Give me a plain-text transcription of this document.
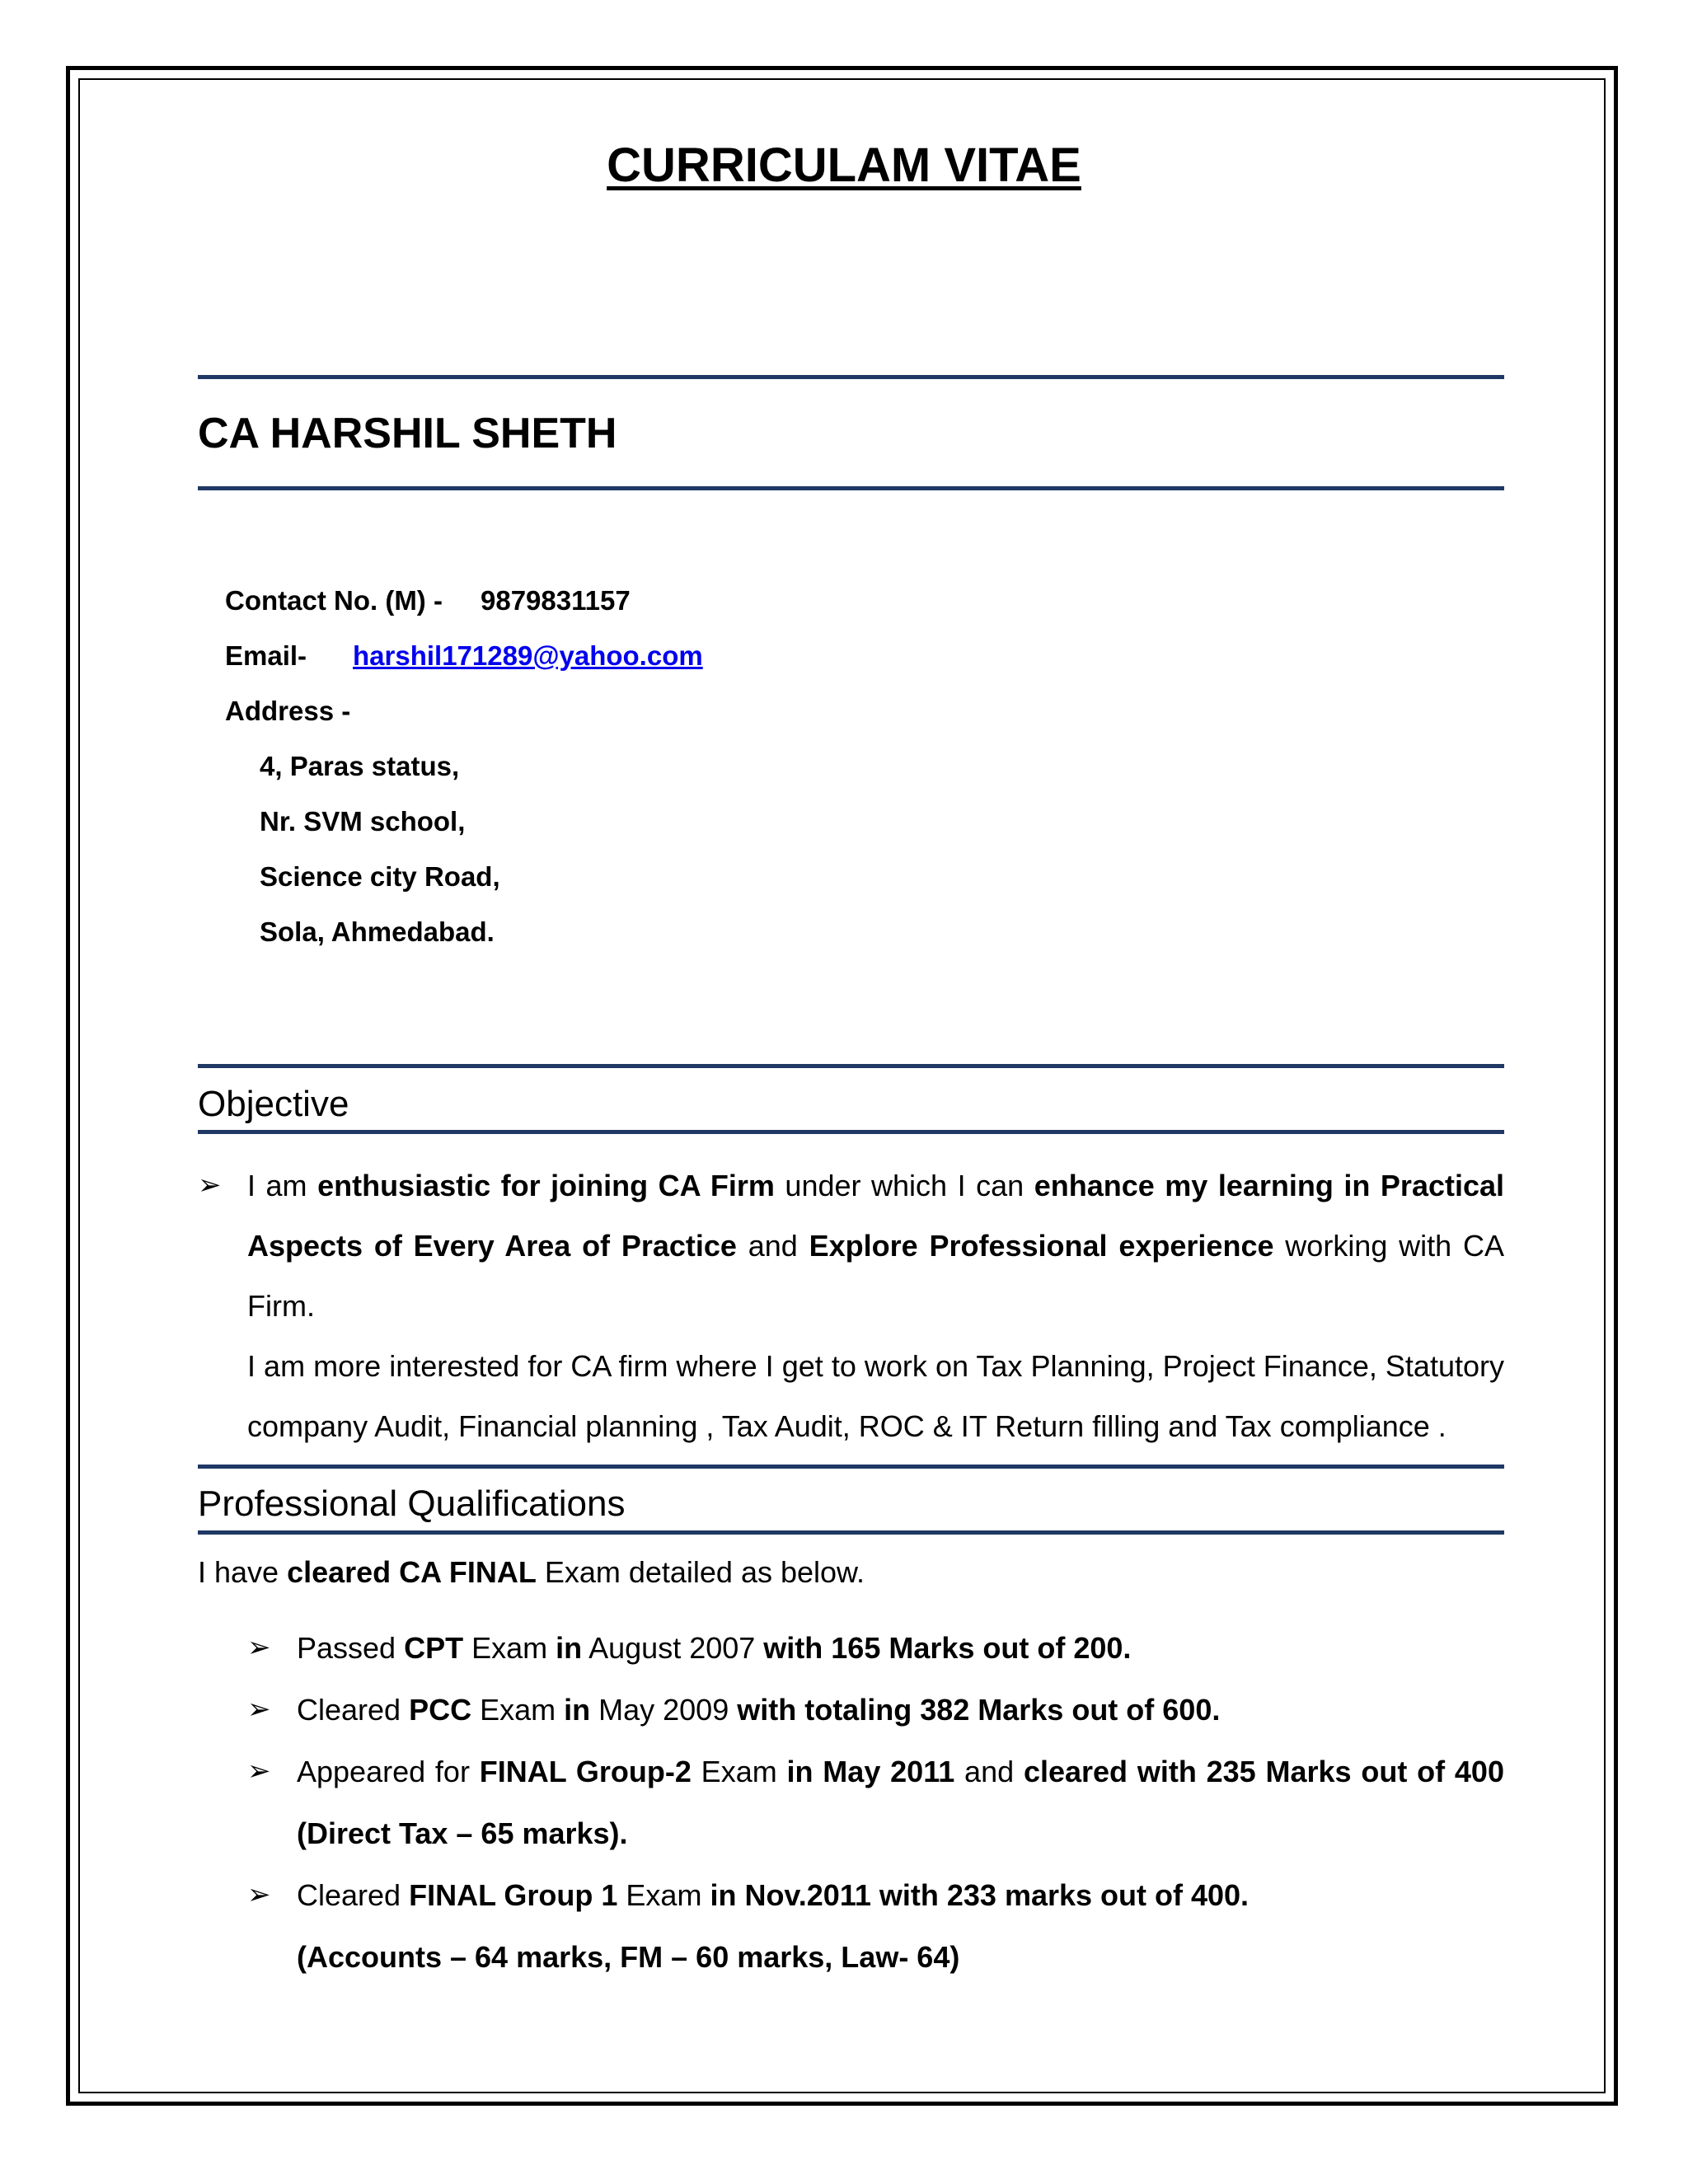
CURRICULAM VITAE
CA HARSHIL SHETH
Contact No. (M) - 9879831157
Email- harshil171289@yahoo.com
Address -
4, Paras status,
Nr. SVM school,
Science city Road,
Sola, Ahmedabad.
Objective
➢ I am enthusiastic for joining CA Firm under which I can enhance my learning in Practical Aspects of Every Area of Practice and Explore Professional experience working with CA Firm.
I am more interested for CA firm where I get to work on Tax Planning, Project Finance, Statutory company Audit, Financial planning , Tax Audit, ROC & IT Return filling and Tax compliance .
Professional Qualifications
I have cleared CA FINAL Exam detailed as below.
➢ Passed CPT Exam in August 2007 with 165 Marks out of 200.
➢ Cleared PCC Exam in May 2009 with totaling 382 Marks out of 600.
➢ Appeared for FINAL Group-2 Exam in May 2011 and cleared with 235 Marks out of 400 (Direct Tax – 65 marks).
➢ Cleared FINAL Group 1 Exam in Nov.2011 with 233 marks out of 400.
(Accounts – 64 marks, FM – 60 marks, Law- 64)
